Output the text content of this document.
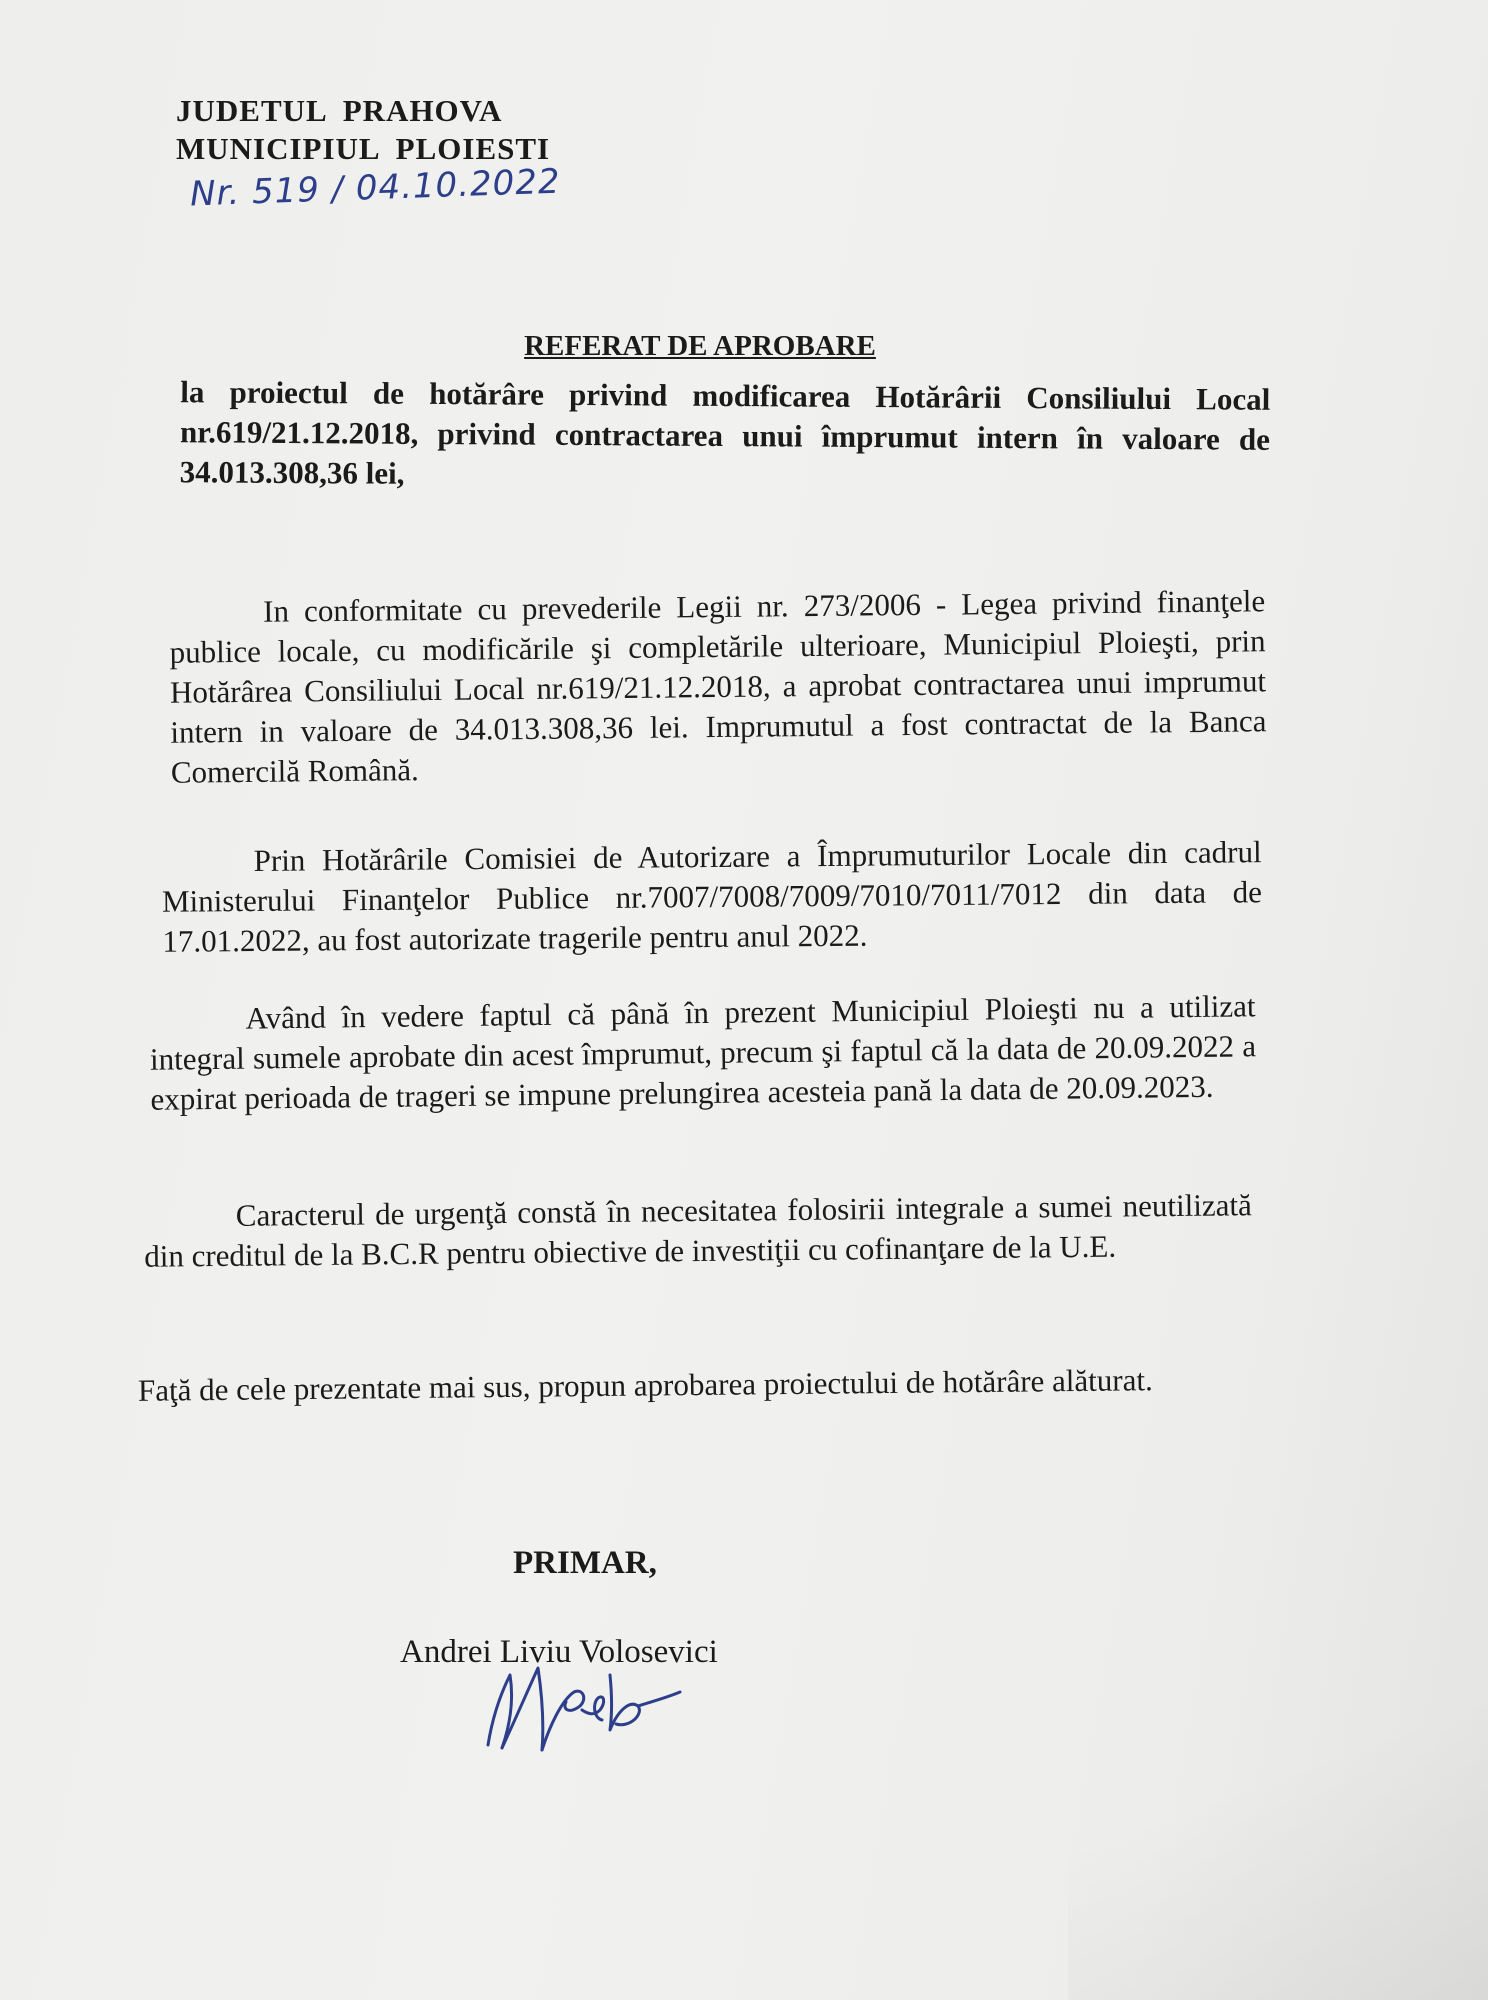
JUDETUL PRAHOVA
MUNICIPIUL PLOIESTI
Nr. 519 / 04.10.2022
REFERAT DE APROBARE
la proiectul de hotărâre privind modificarea Hotărârii Consiliului Local nr.619/21.12.2018, privind contractarea unui împrumut intern în valoare de 34.013.308,36 lei,

In conformitate cu prevederile Legii nr. 273/2006 - Legea privind finanţele publice locale, cu modificările şi completările ulterioare, Municipiul Ploieşti, prin Hotărârea Consiliului Local nr.619/21.12.2018, a aprobat contractarea unui imprumut intern in valoare de 34.013.308,36 lei. Imprumutul a fost contractat de la Banca Comercilă Română.

Prin Hotărârile Comisiei de Autorizare a Împrumuturilor Locale din cadrul Ministerului Finanţelor Publice nr.7007/7008/7009/7010/7011/7012 din data de 17.01.2022, au fost autorizate tragerile pentru anul 2022.

Având în vedere faptul că până în prezent Municipiul Ploieşti nu a utilizat integral sumele aprobate din acest împrumut, precum şi faptul că la data de 20.09.2022 a expirat perioada de trageri se impune prelungirea acesteia pană la data de 20.09.2023.

Caracterul de urgenţă constă în necesitatea folosirii integrale a sumei neutilizată din creditul de la B.C.R pentru obiective de investiţii cu cofinanţare de la U.E.

Faţă de cele prezentate mai sus, propun aprobarea proiectului de hotărâre alăturat.

PRIMAR,
Andrei Liviu Volosevici
